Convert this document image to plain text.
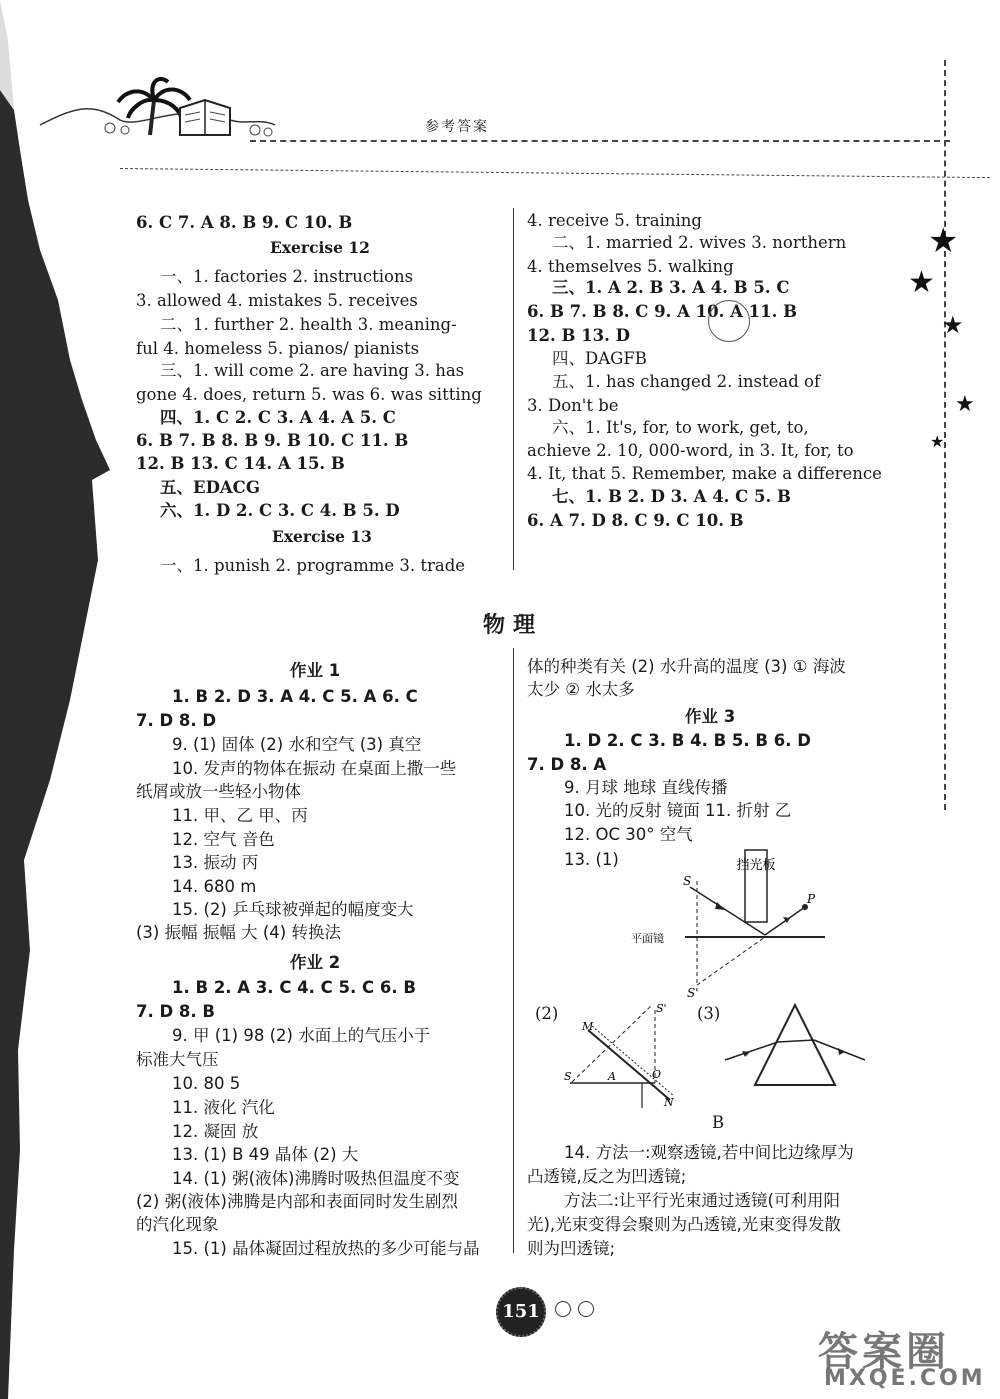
参考答案
★
★
★
★
★
6. C 7. A 8. B 9. C 10. B
Exercise 12
一、1. factories 2. instructions
3. allowed 4. mistakes 5. receives
二、1. further 2. health 3. meaning-
ful 4. homeless 5. pianos/ pianists
三、1. will come 2. are having 3. has
gone 4. does, return 5. was 6. was sitting
四、1. C 2. C 3. A 4. A 5. C
6. B 7. B 8. B 9. B 10. C 11. B
12. B 13. C 14. A 15. B
五、EDACG
六、1. D 2. C 3. C 4. B 5. D
Exercise 13
一、1. punish 2. programme 3. trade
4. receive 5. training
二、1. married 2. wives 3. northern
4. themselves 5. walking
三、1. A 2. B 3. A 4. B 5. C
6. B 7. B 8. C 9. A 10. A 11. B
12. B 13. D
四、DAGFB
五、1. has changed 2. instead of
3. Don't be
六、1. It's, for, to work, get, to,
achieve 2. 10, 000-word, in 3. It, for, to
4. It, that 5. Remember, make a difference
七、1. B 2. D 3. A 4. C 5. B
6. A 7. D 8. C 9. C 10. B
物理
作业 1
1. B 2. D 3. A 4. C 5. A 6. C
7. D 8. D
9. (1) 固体 (2) 水和空气 (3) 真空
10. 发声的物体在振动 在桌面上撒一些
纸屑或放一些轻小物体
11. 甲、乙 甲、丙
12. 空气 音色
13. 振动 丙
14. 680 m
15. (2) 乒乓球被弹起的幅度变大
(3) 振幅 振幅 大 (4) 转换法
作业 2
1. B 2. A 3. C 4. C 5. C 6. B
7. D 8. B
9. 甲 (1) 98 (2) 水面上的气压小于
标准大气压
10. 80 5
11. 液化 汽化
12. 凝固 放
13. (1) B 49 晶体 (2) 大
14. (1) 粥(液体)沸腾时吸热但温度不变
(2) 粥(液体)沸腾是内部和表面同时发生剧烈
的汽化现象
15. (1) 晶体凝固过程放热的多少可能与晶
体的种类有关 (2) 水升高的温度 (3) ① 海波
太少 ② 水太多
作业 3
1. D 2. C 3. B 4. B 5. B 6. D
7. D 8. A
9. 月球 地球 直线传播
10. 光的反射 镜面 11. 折射 乙
12. OC 30° 空气
13. (1)	挡光板
S
P
平面镜
S'
(2)
M
S	A	O
N
S'
B
(3)
14. 方法一:观察透镜,若中间比边缘厚为
凸透镜,反之为凹透镜;
方法二:让平行光束通过透镜(可利用阳
光),光束变得会聚则为凸透镜,光束变得发散
则为凹透镜;
151
答案圈
MXQE.COM
